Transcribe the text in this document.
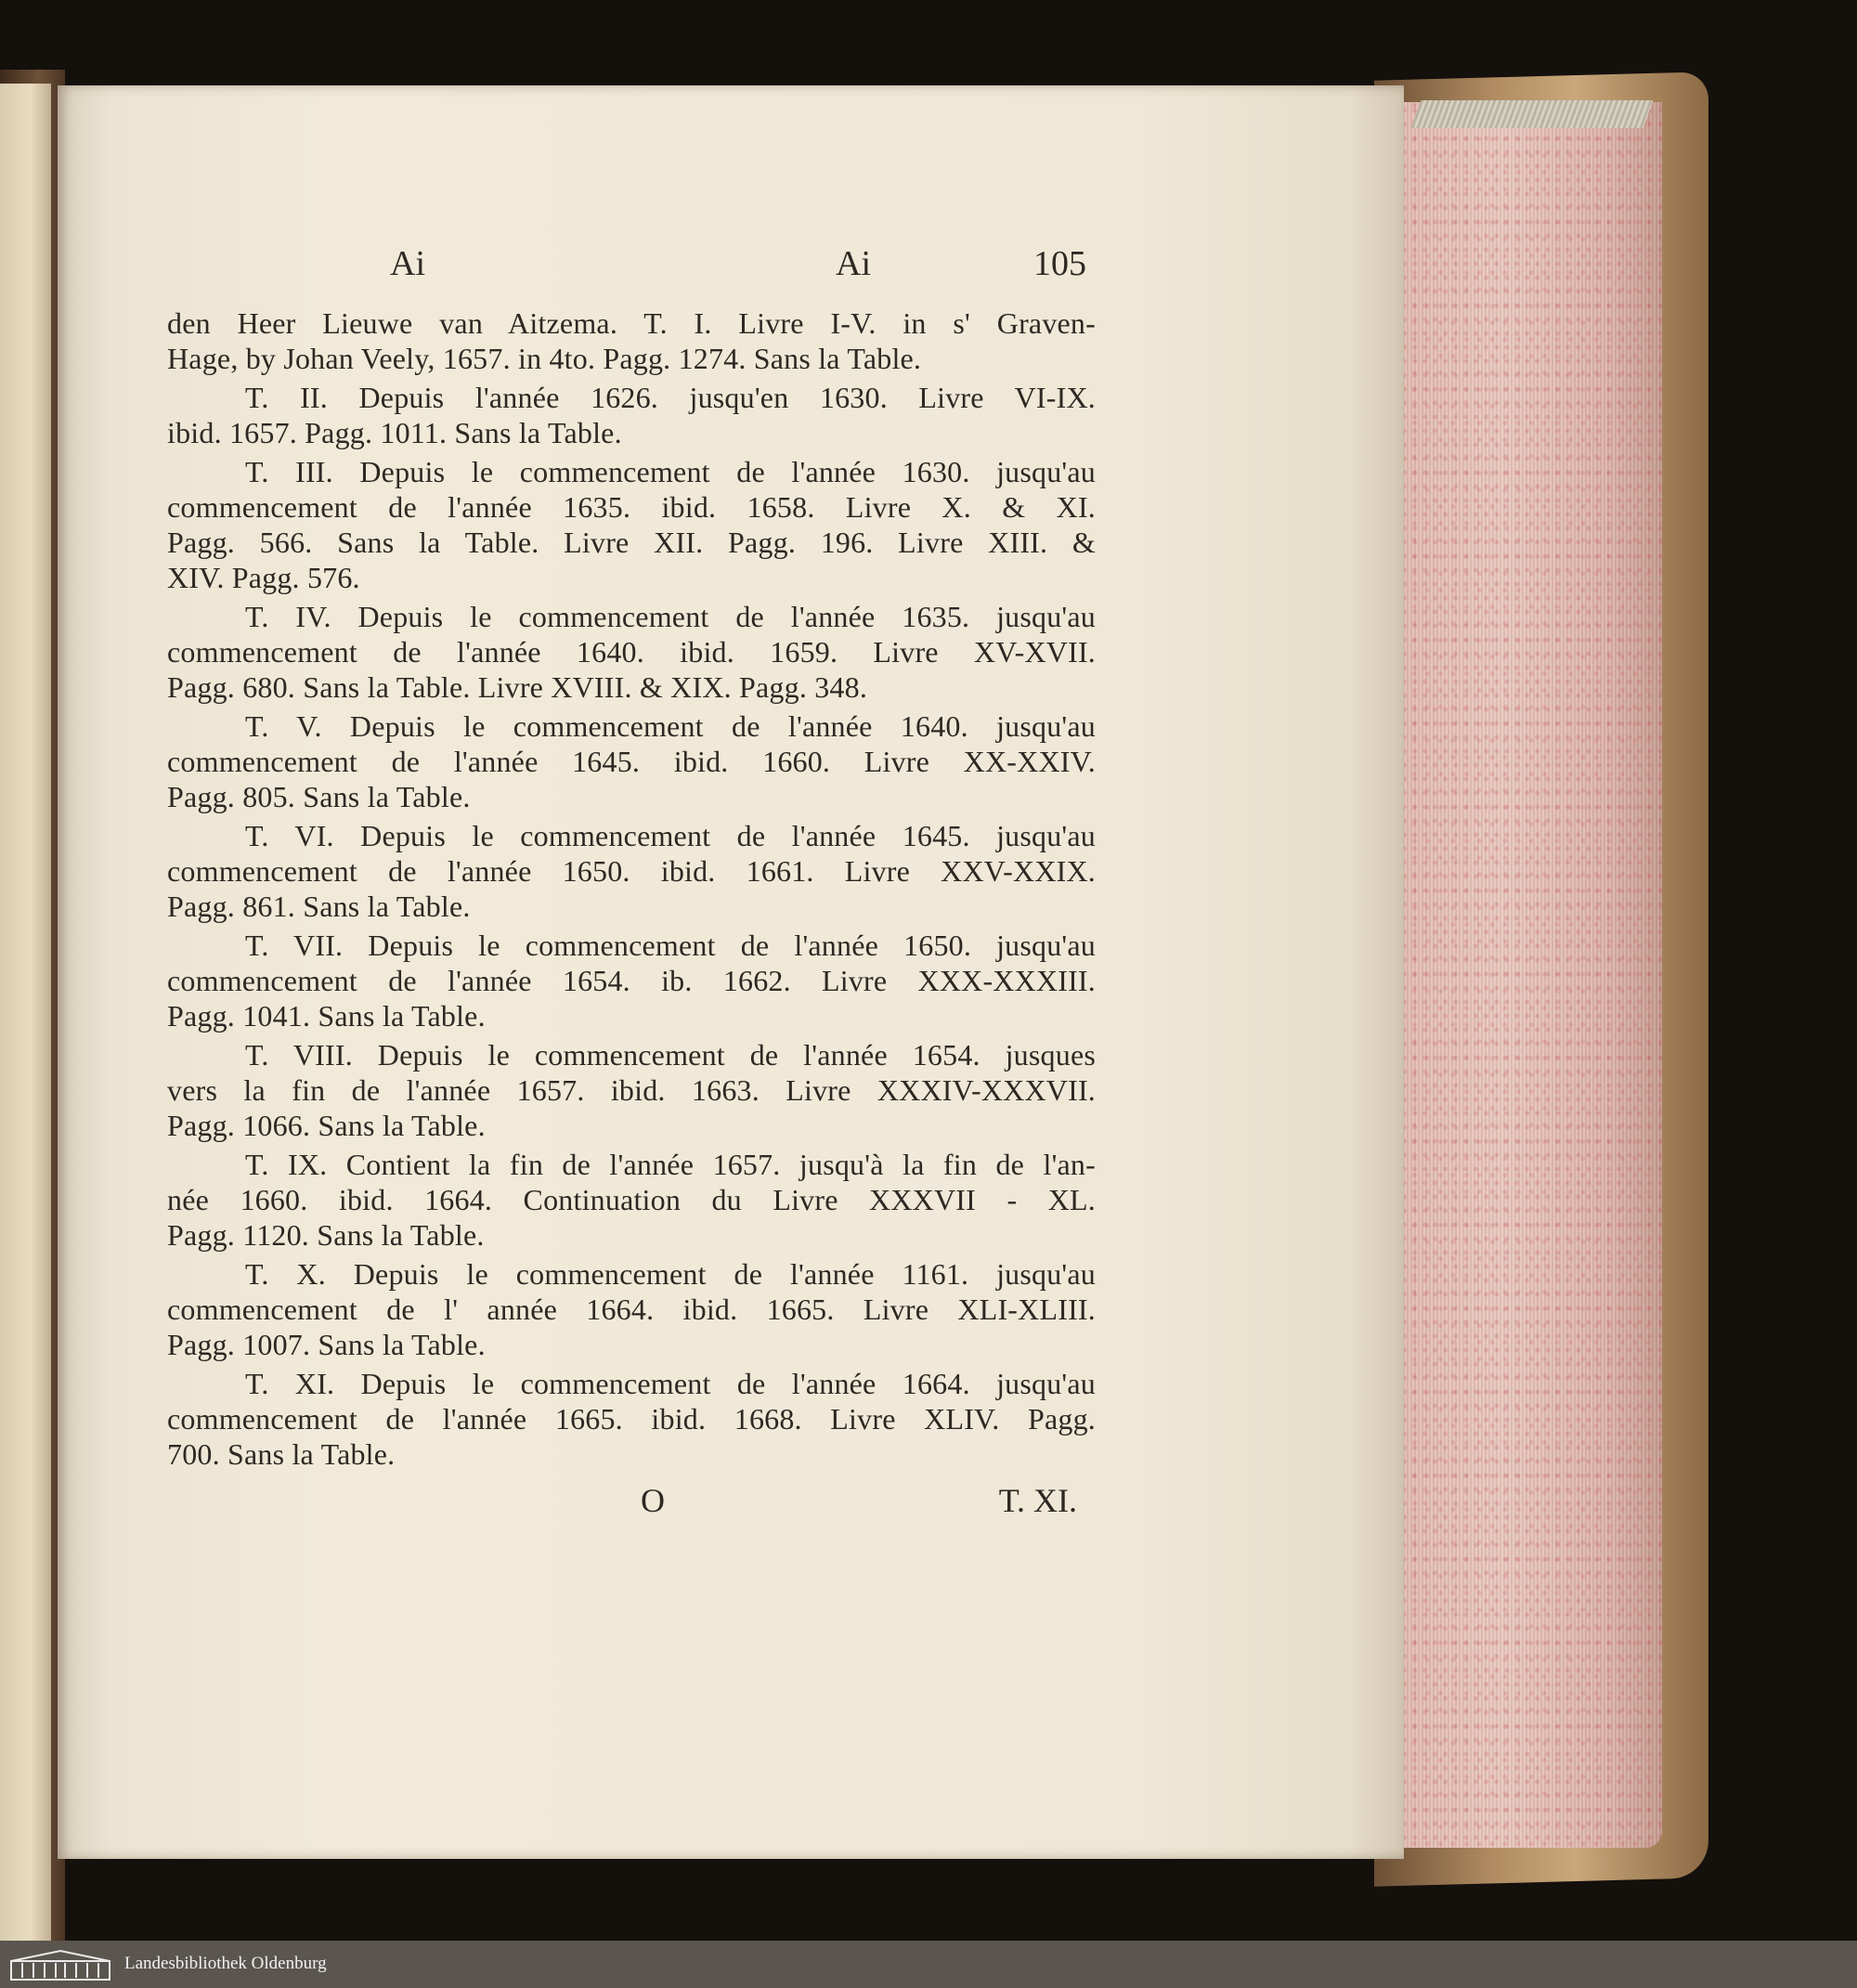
Ai	Ai	105
den Heer Lieuwe van Aitzema. T. I. Livre I-V. in s' Graven-
Hage, by Johan Veely, 1657. in 4to. Pagg. 1274. Sans la Table.
T. II. Depuis l'année 1626. jusqu'en 1630. Livre VI-IX.
ibid. 1657. Pagg. 1011. Sans la Table.
T. III. Depuis le commencement de l'année 1630. jusqu'au
commencement de l'année 1635. ibid. 1658. Livre X. & XI.
Pagg. 566. Sans la Table. Livre XII. Pagg. 196. Livre XIII. &
XIV. Pagg. 576.
T. IV. Depuis le commencement de l'année 1635. jusqu'au
commencement de l'année 1640. ibid. 1659. Livre XV-XVII.
Pagg. 680. Sans la Table. Livre XVIII. & XIX. Pagg. 348.
T. V. Depuis le commencement de l'année 1640. jusqu'au
commencement de l'année 1645. ibid. 1660. Livre XX-XXIV.
Pagg. 805. Sans la Table.
T. VI. Depuis le commencement de l'année 1645. jusqu'au
commencement de l'année 1650. ibid. 1661. Livre XXV-XXIX.
Pagg. 861. Sans la Table.
T. VII. Depuis le commencement de l'année 1650. jusqu'au
commencement de l'année 1654. ib. 1662. Livre XXX-XXXIII.
Pagg. 1041. Sans la Table.
T. VIII. Depuis le commencement de l'année 1654. jusques
vers la fin de l'année 1657. ibid. 1663. Livre XXXIV-XXXVII.
Pagg. 1066. Sans la Table.
T. IX. Contient la fin de l'année 1657. jusqu'à la fin de l'an-
née 1660. ibid. 1664. Continuation du Livre XXXVII - XL.
Pagg. 1120. Sans la Table.
T. X. Depuis le commencement de l'année 1161. jusqu'au
commencement de l' année 1664. ibid. 1665. Livre XLI-XLIII.
Pagg. 1007. Sans la Table.
T. XI. Depuis le commencement de l'année 1664. jusqu'au
commencement de l'année 1665. ibid. 1668. Livre XLIV. Pagg.
700. Sans la Table.
O	T. XI.
Landesbibliothek Oldenburg
